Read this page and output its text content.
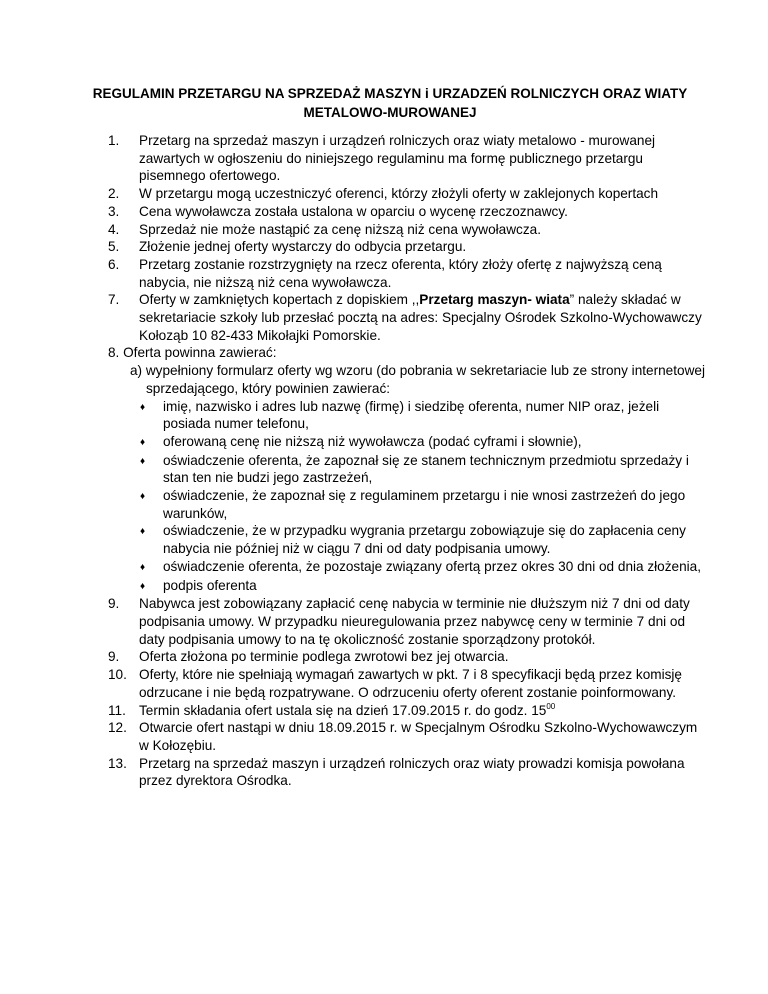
REGULAMIN PRZETARGU NA SPRZEDAŻ MASZYN i URZADZEŃ ROLNICZYCH ORAZ WIATY
METALOWO-MUROWANEJ
1.	Przetarg na sprzedaż maszyn i urządzeń rolniczych oraz wiaty metalowo - murowanej zawartych w ogłoszeniu do niniejszego regulaminu ma formę publicznego przetargu pisemnego ofertowego.
2.	W przetargu mogą uczestniczyć oferenci, którzy złożyli oferty w zaklejonych kopertach
3.	Cena wywoławcza została ustalona w oparciu o wycenę rzeczoznawcy.
4.	Sprzedaż nie może nastąpić za cenę niższą niż cena wywoławcza.
5.	Złożenie jednej oferty wystarczy do odbycia przetargu.
6.	Przetarg zostanie rozstrzygnięty na rzecz oferenta, który złoży ofertę z najwyższą ceną nabycia, nie niższą niż cena wywoławcza.
7.	Oferty w zamkniętych kopertach z dopiskiem ,,Przetarg maszyn- wiata” należy składać w sekretariacie szkoły lub przesłać pocztą na adres: Specjalny Ośrodek Szkolno-Wychowawczy Kołoząb 10 82-433 Mikołajki Pomorskie.
8. Oferta powinna zawierać:
a) wypełniony formularz oferty wg wzoru (do pobrania w sekretariacie lub ze strony internetowej sprzedającego, który powinien zawierać:
♦	imię, nazwisko i adres lub nazwę (firmę) i siedzibę oferenta, numer NIP oraz, jeżeli posiada numer telefonu,
♦	oferowaną cenę nie niższą niż wywoławcza (podać cyframi i słownie),
♦	oświadczenie oferenta, że zapoznał się ze stanem technicznym przedmiotu sprzedaży i stan ten nie budzi jego zastrzeżeń,
♦	oświadczenie, że zapoznał się z regulaminem przetargu i nie wnosi zastrzeżeń do jego warunków,
♦	oświadczenie, że w przypadku wygrania przetargu zobowiązuje się do zapłacenia ceny nabycia nie później niż w ciągu 7 dni od daty podpisania umowy.
♦	oświadczenie oferenta, że pozostaje związany ofertą przez okres 30 dni od dnia złożenia,
♦	podpis oferenta
9.	Nabywca jest zobowiązany zapłacić cenę nabycia w terminie nie dłuższym niż 7 dni od daty podpisania umowy. W przypadku nieuregulowania przez nabywcę ceny w terminie 7 dni od daty podpisania umowy to na tę okoliczność zostanie sporządzony protokół.
9.	Oferta złożona po terminie podlega zwrotowi bez jej otwarcia.
10. Oferty, które nie spełniają wymagań zawartych w pkt. 7 i 8 specyfikacji będą przez komisję odrzucane i nie będą rozpatrywane. O odrzuceniu oferty oferent zostanie poinformowany.
11. Termin składania ofert ustala się na dzień 17.09.2015 r. do godz. $15^{00}$
12. Otwarcie ofert nastąpi w dniu 18.09.2015 r. w Specjalnym Ośrodku Szkolno-Wychowawczym w Kołozębiu.
13. Przetarg na sprzedaż maszyn i urządzeń rolniczych oraz wiaty prowadzi komisja powołana przez dyrektora Ośrodka.
